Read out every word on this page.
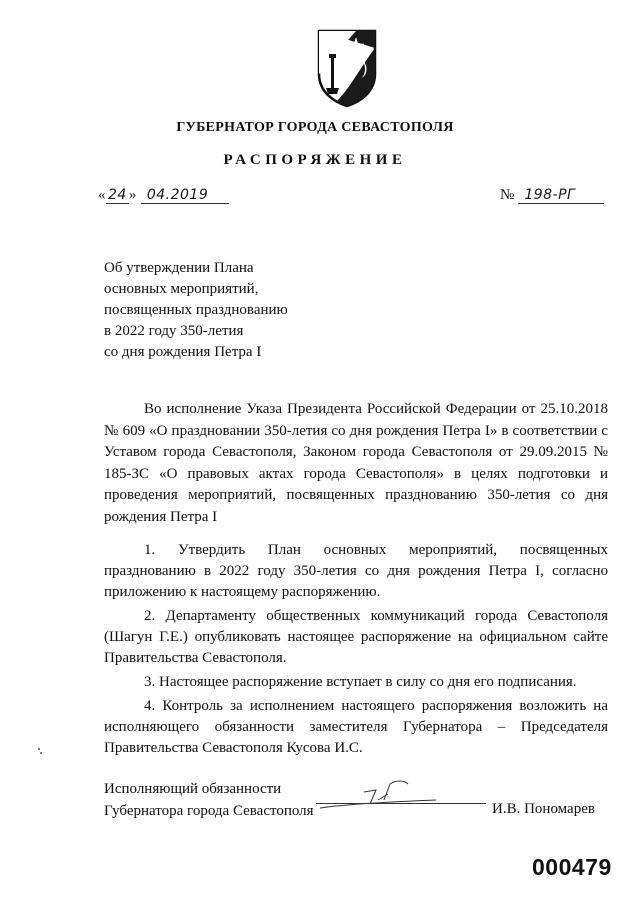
ГУБЕРНАТОР ГОРОДА СЕВАСТОПОЛЯ
РАСПОРЯЖЕНИЕ
« 24 » 04.2019	№ 198-РГ
Об утверждении Плана
основных мероприятий,
посвященных празднованию
в 2022 году 350-летия
со дня рождения Петра I
Во исполнение Указа Президента Российской Федерации от 25.10.2018 № 609 «О праздновании 350-летия со дня рождения Петра I» в соответствии с Уставом города Севастополя, Законом города Севастополя от 29.09.2015 № 185-ЗС «О правовых актах города Севастополя» в целях подготовки и проведения мероприятий, посвященных празднованию 350-летия со дня рождения Петра I
1. Утвердить План основных мероприятий, посвященных празднованию в 2022 году 350-летия со дня рождения Петра I, согласно приложению к настоящему распоряжению.
2. Департаменту общественных коммуникаций города Севастополя (Шагун Г.Е.) опубликовать настоящее распоряжение на официальном сайте Правительства Севастополя.
3. Настоящее распоряжение вступает в силу со дня его подписания.
4. Контроль за исполнением настоящего распоряжения возложить на исполняющего обязанности заместителя Губернатора – Председателя Правительства Севастополя Кусова И.С.
Исполняющий обязанности
Губернатора города Севастополя	И.В. Пономарев
000479
